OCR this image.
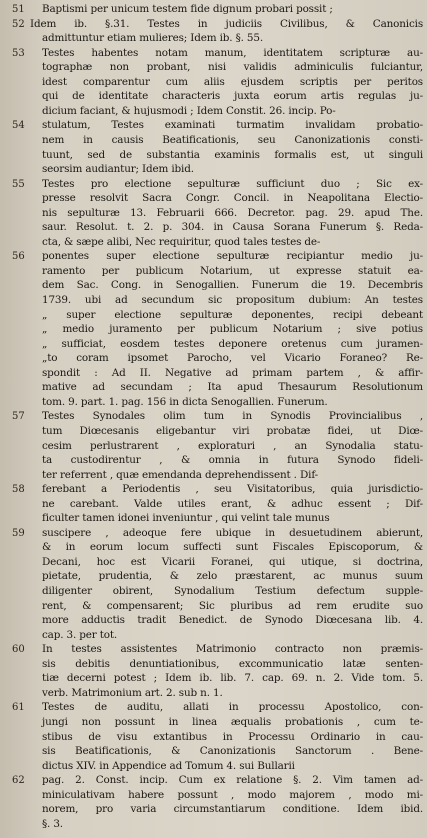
51	Baptismi per unicum testem fide dignum probari possit ;
52 Idem ib. §.31. Testes in judiciis Civilibus, & Canonicis
admittuntur etiam mulieres; Idem ib. §. 55.
53	Testes habentes notam manum, identitatem scripturæ au-
tographæ non probant, nisi validis adminiculis fulciantur,
idest comparentur cum aliis ejusdem scriptis per peritos
qui de identitate characteris juxta eorum artis regulas ju-
dicium faciant, & hujusmodi ; Idem Constit. 26. incip. Po-
54	stulatum, Testes examinati turmatim invalidam probatio-
nem in causis Beatificationis, seu Canonizationis consti-
tuunt, sed de substantia examinis formalis est, ut singuli
seorsim audiantur; Idem ibid.
55	Testes pro electione sepulturæ sufficiunt duo ; Sic ex-
presse resolvit Sacra Congr. Concil. in Neapolitana Electio-
nis sepulturæ 13. Februarii 666. Decretor. pag. 29. apud The.
saur. Resolut. t. 2. p. 304. in Causa Sorana Funerum §. Reda-
cta, & sæpe alibi, Nec requiritur, quod tales testes de-
56	ponentes super electione sepulturæ recipiantur medio ju-
ramento per publicum Notarium, ut expresse statuit ea-
dem Sac. Cong. in Senogallien. Funerum die 19. Decembris
1739. ubi ad secundum sic propositum dubium: An testes
„ super electione sepulturæ deponentes, recipi debeant
„ medio juramento per publicum Notarium ; sive potius
„ sufficiat, eosdem testes deponere oretenus cum juramen-
„to coram ipsomet Parocho, vel Vicario Foraneo? Re-
spondit : Ad II. Negative ad primam partem , & affir-
mative ad secundam ; Ita apud Thesaurum Resolutionum
tom. 9. part. 1. pag. 156 in dicta Senogallien. Funerum.
57	Testes Synodales olim tum in Synodis Provincialibus ,
tum Diœcesanis eligebantur viri probatæ fidei, ut Diœ-
cesim perlustrarent , exploraturi , an Synodalia statu-
ta custodirentur , & omnia in futura Synodo fideli-
ter referrent , quæ emendanda deprehendissent . Dif-
58	ferebant a Periodentis , seu Visitatoribus, quia jurisdictio-
ne carebant. Valde utiles erant, & adhuc essent ; Dif-
ficulter tamen idonei inveniuntur , qui velint tale munus
59	suscipere , adeoque fere ubique in desuetudinem abierunt,
& in eorum locum suffecti sunt Fiscales Episcoporum, &
Decani, hoc est Vicarii Foranei, qui utique, si doctrina,
pietate, prudentia, & zelo præstarent, ac munus suum
diligenter obirent, Synodalium Testium defectum supple-
rent, & compensarent; Sic pluribus ad rem erudite suo
more adductis tradit Benedict. de Synodo Diœcesana lib. 4.
cap. 3. per tot.
60	In testes assistentes Matrimonio contracto non præmis-
sis debitis denuntiationibus, excommunicatio latæ senten-
tiæ decerni potest ; Idem ib. lib. 7. cap. 69. n. 2. Vide tom. 5.
verb. Matrimonium art. 2. sub n. 1.
61	Testes de auditu, allati in processu Apostolico, con-
jungi non possunt in linea æqualis probationis , cum te-
stibus de visu extantibus in Processu Ordinario in cau-
sis Beatificationis, & Canonizationis Sanctorum . Bene-
dictus XIV. in Appendice ad Tomum 4. sui Bullarii
62	pag. 2. Const. incip. Cum ex relatione §. 2. Vim tamen ad-
miniculativam habere possunt , modo majorem , modo mi-
norem, pro varia circumstantiarum conditione. Idem ibid.
§. 3.
